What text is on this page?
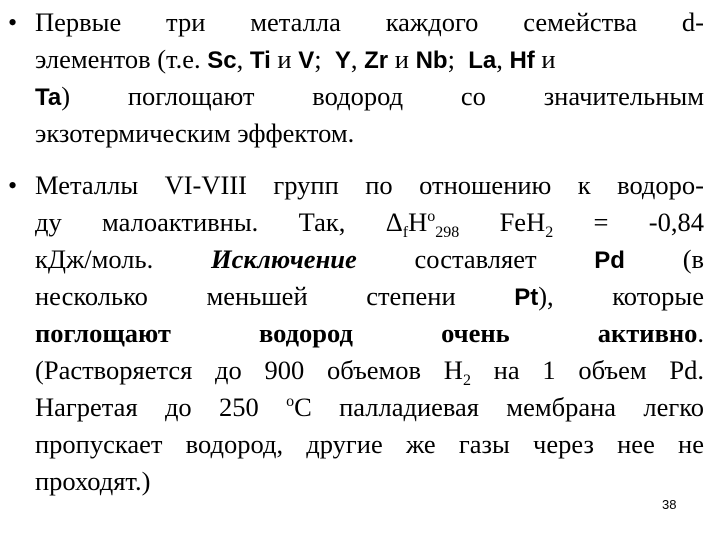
• Первые три металла каждого семейства d-
элементов (т.е. Sc, Ti и V; Y, Zr и Nb; La, Hf и
Ta) поглощают водород со значительным
экзотермическим эффектом.
• Металлы VI-VIII групп по отношению к водоро-
ду малоактивны. Так, $\Delta_fH^o_{298}$ FeH$_2$ = -0,84
кДж/моль. Исключение составляет Pd (в
несколько меньшей степени Pt), которые
поглощают	водород	очень	активно.
(Растворяется до 900 объемов $H_2$ на 1 объем Pd.
Нагретая до 250 $^о$С палладиевая мембрана легко
пропускает водород, другие же газы через нее не
проходят.)
38
